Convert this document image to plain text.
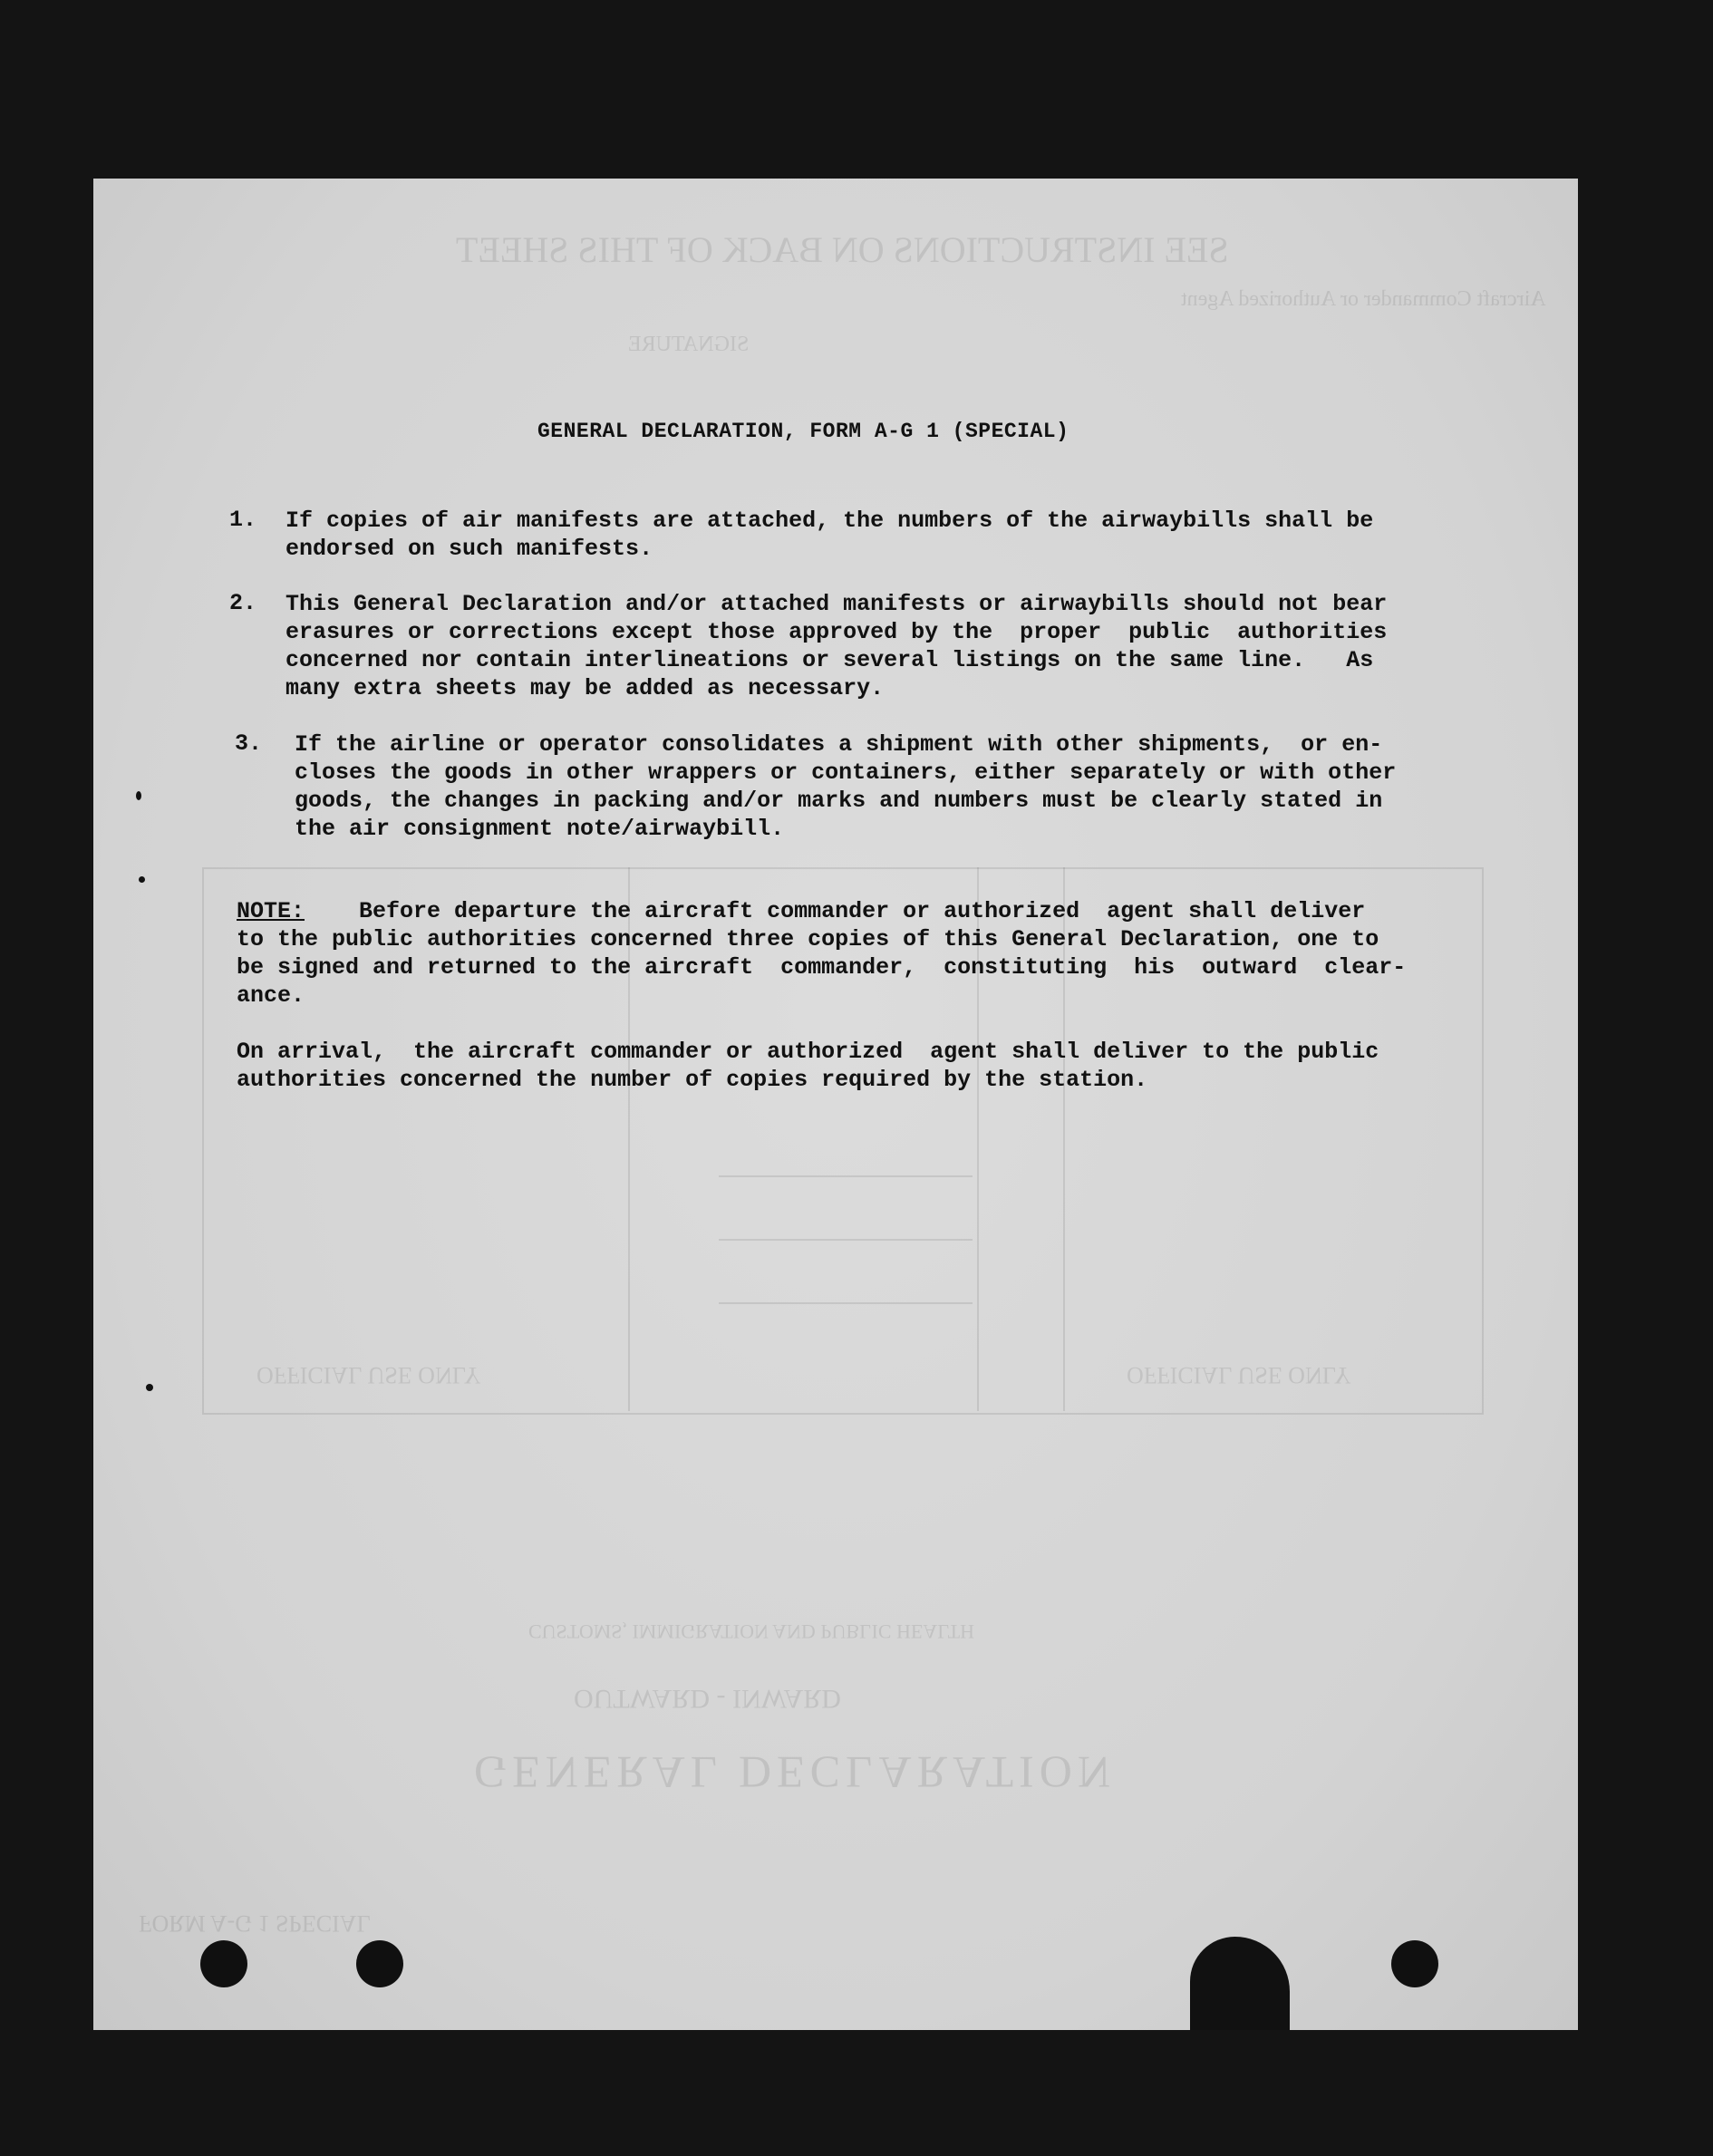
SEE INSTRUCTIONS ON BACK OF THIS SHEET
Aircraft Commander or Authorized Agent
SIGNATURE
OFFICIAL USE ONLY	OFFICIAL USE ONLY
GENERAL DECLARATION
OUTWARD - INWARD
CUSTOMS, IMMIGRATION AND PUBLIC HEALTH
FORM A-G 1 SPECIAL
GENERAL DECLARATION, FORM A-G 1 (SPECIAL)
1. If copies of air manifests are attached, the numbers of the airwaybills shall be
endorsed on such manifests.
2. This General Declaration and/or attached manifests or airwaybills should not bear
erasures or corrections except those approved by the  proper  public  authorities
concerned nor contain interlineations or several listings on the same line.   As
many extra sheets may be added as necessary.
3. If the airline or operator consolidates a shipment with other shipments,  or en-
closes the goods in other wrappers or containers, either separately or with other
goods, the changes in packing and/or marks and numbers must be clearly stated in
the air consignment note/airwaybill.
NOTE:    Before departure the aircraft commander or authorized  agent shall deliver
to the public authorities concerned three copies of this General Declaration, one to
be signed and returned to the aircraft  commander,  constituting  his  outward  clear-
ance.
On arrival,  the aircraft commander or authorized  agent shall deliver to the public
authorities concerned the number of copies required by the station.
